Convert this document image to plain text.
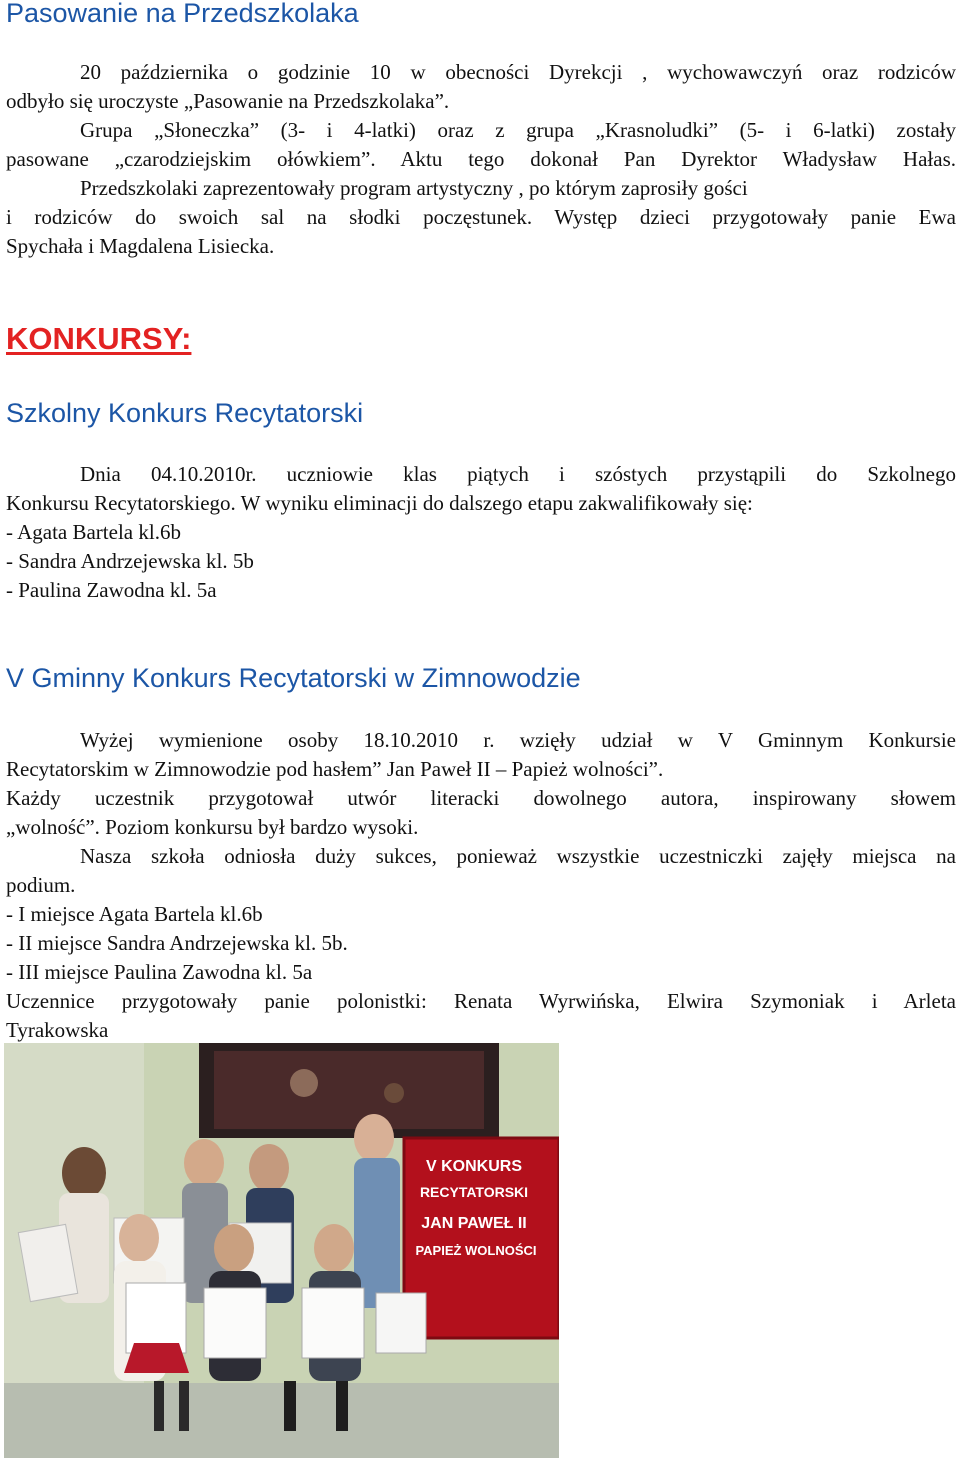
Pasowanie na Przedszkolaka
20 października o godzinie 10 w obecności Dyrekcji , wychowawczyń oraz rodziców
odbyło się uroczyste „Pasowanie na Przedszkolaka”.
Grupa „Słoneczka” (3- i 4-latki) oraz z grupa „Krasnoludki” (5- i 6-latki) zostały
pasowane „czarodziejskim ołówkiem”. Aktu tego dokonał Pan Dyrektor Władysław Hałas.
Przedszkolaki zaprezentowały program artystyczny , po którym zaprosiły gości
i rodziców do swoich sal na słodki poczęstunek. Występ dzieci przygotowały panie Ewa
Spychała i Magdalena Lisiecka.
KONKURSY:
Szkolny Konkurs Recytatorski
Dnia 04.10.2010r. uczniowie klas piątych i szóstych przystąpili do Szkolnego
Konkursu Recytatorskiego. W wyniku eliminacji do dalszego etapu zakwalifikowały się:
- Agata Bartela kl.6b
- Sandra Andrzejewska kl. 5b
- Paulina Zawodna kl. 5a
V Gminny Konkurs Recytatorski w Zimnowodzie
Wyżej wymienione osoby 18.10.2010 r. wzięły udział w V Gminnym Konkursie
Recytatorskim w Zimnowodzie pod hasłem” Jan Paweł II – Papież wolności”.
Każdy uczestnik przygotował utwór literacki dowolnego autora, inspirowany słowem
„wolność”. Poziom konkursu był bardzo wysoki.
Nasza szkoła odniosła duży sukces, ponieważ wszystkie uczestniczki zajęły miejsca na
podium.
- I miejsce Agata Bartela kl.6b
- II miejsce Sandra Andrzejewska kl. 5b.
- III miejsce Paulina Zawodna kl. 5a
Uczennice przygotowały panie polonistki: Renata Wyrwińska, Elwira Szymoniak i Arleta
Tyrakowska
V KONKURS
RECYTATORSKI
JAN PAWEŁ II
PAPIEŻ WOLNOŚCI
